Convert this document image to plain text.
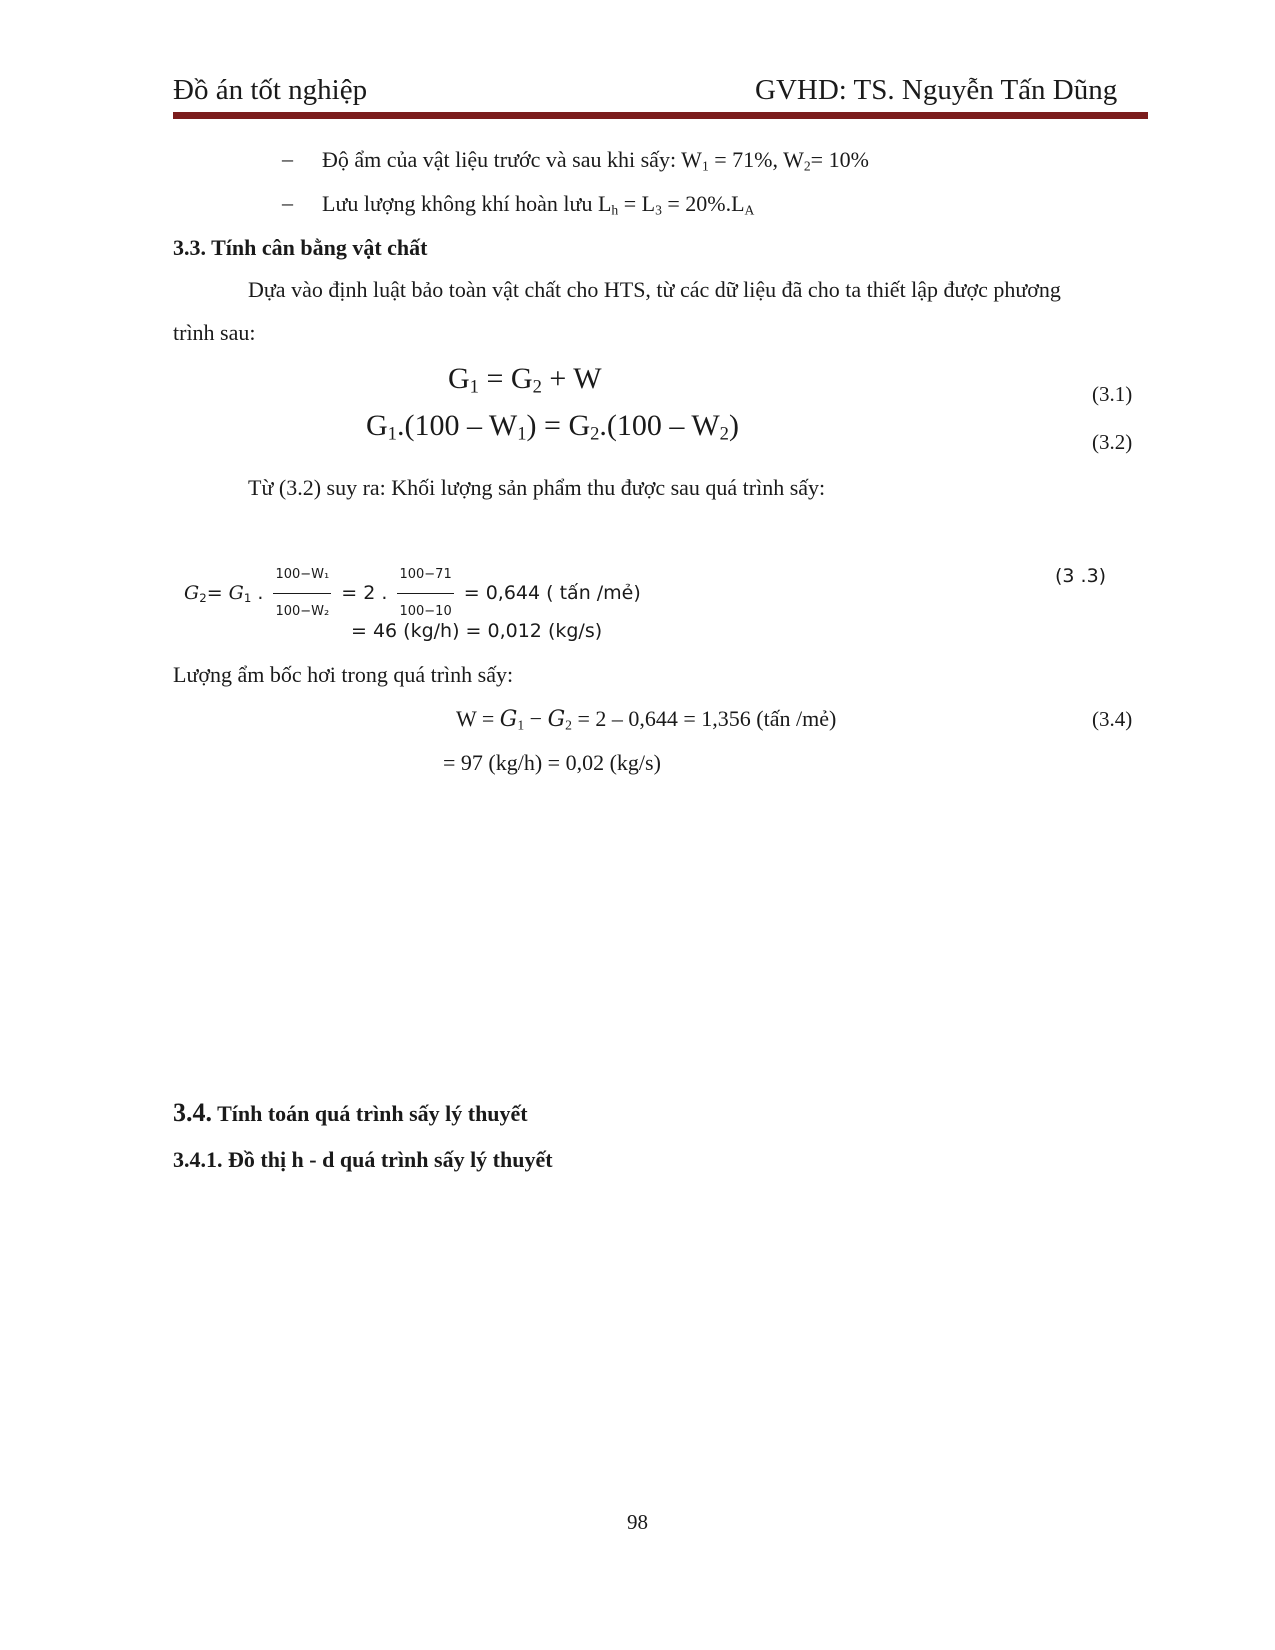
Đồ án tốt nghiệp	GVHD: TS. Nguyễn Tấn Dũng
– Độ ẩm của vật liệu trước và sau khi sấy: $W_1 = 71\%$, $W_2= 10\%$
– Lưu lượng không khí hoàn lưu $L_h = L_3 = 20\%.L_A$
3.3. Tính cân bằng vật chất
Dựa vào định luật bảo toàn vật chất cho HTS, từ các dữ liệu đã cho ta thiết lập được phương
trình sau:
$G_1 = G_2 + W$	(3.1)
$G_1.(100 - W_1) = G_2.(100 - W_2)$	(3.2)
Từ (3.2) suy ra: Khối lượng sản phẩm thu được sau quá trình sấy:
$G_2= G_1$ . $\frac{\text{100−W₁}}{\text{100−W₂}} = 2$ . $\frac{100-71}{100-10} = 0,644$ ( tấn /mẻ)
(3 .3)
= 46 (kg/h) = 0,012 (kg/s)
Lượng ẩm bốc hơi trong quá trình sấy:
$W = G_1 - G_2 = 2 - 0,644 = 1,356$ (tấn /mẻ)	(3.4)
= 97 (kg/h) = 0,02 (kg/s)
3.4. Tính toán quá trình sấy lý thuyết
3.4.1. Đồ thị h - d quá trình sấy lý thuyết
98
